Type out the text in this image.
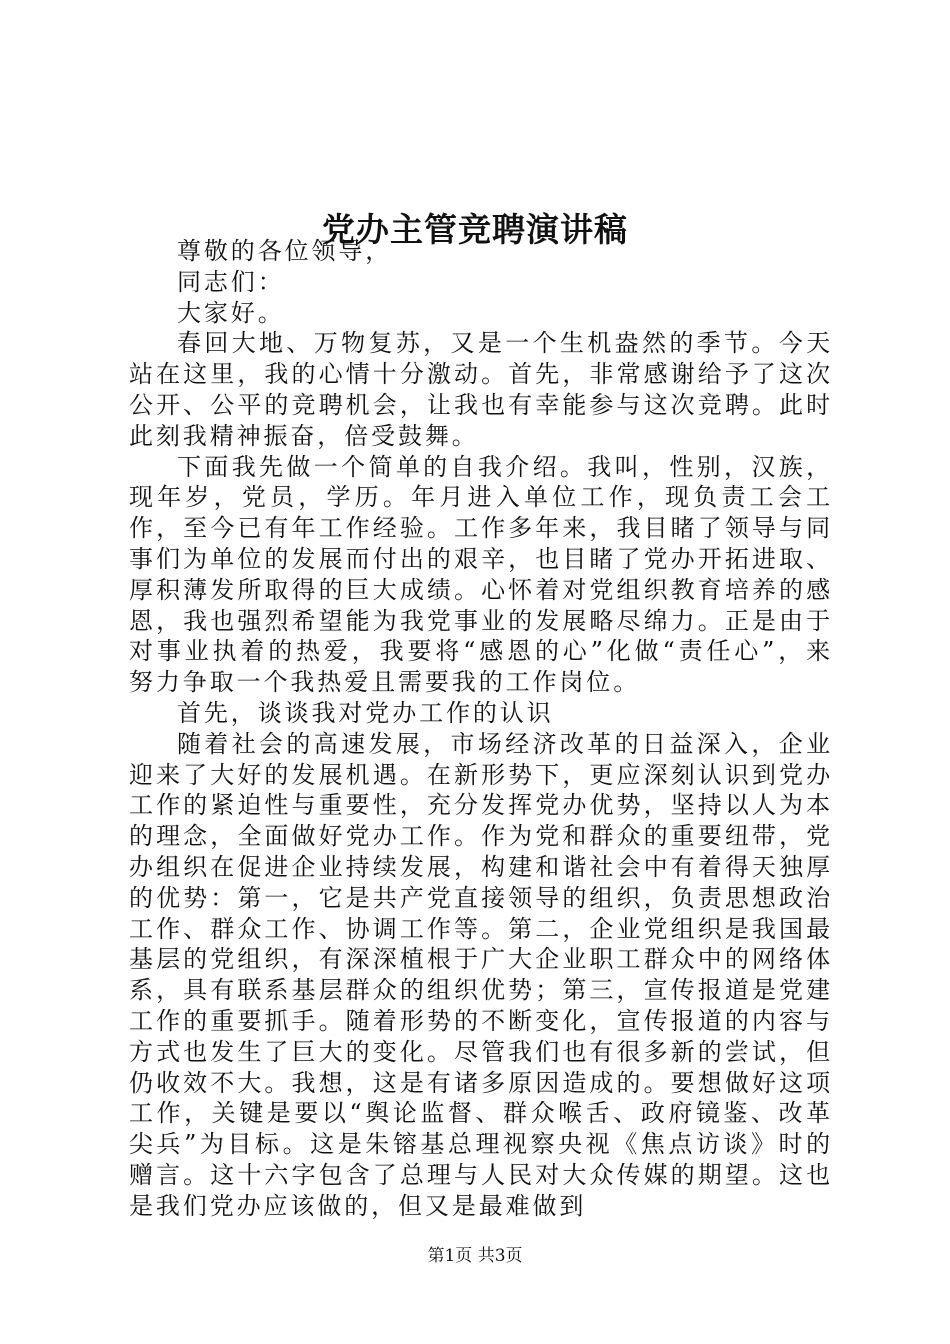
党办主管竞聘演讲稿

尊敬的各位领导，

同志们：

大家好。

春回大地、万物复苏，又是一个生机盎然的季节。今天站在这里，我的心情十分激动。首先，非常感谢给予了这次公开、公平的竞聘机会，让我也有幸能参与这次竞聘。此时此刻我精神振奋，倍受鼓舞。

下面我先做一个简单的自我介绍。我叫，性别，汉族，现年岁，党员，学历。年月进入单位工作，现负责工会工作，至今已有年工作经验。工作多年来，我目睹了领导与同事们为单位的发展而付出的艰辛，也目睹了党办开拓进取、厚积薄发所取得的巨大成绩。心怀着对党组织教育培养的感恩，我也强烈希望能为我党事业的发展略尽绵力。正是由于对事业执着的热爱，我要将“感恩的心”化做“责任心”，来努力争取一个我热爱且需要我的工作岗位。

首先，谈谈我对党办工作的认识

随着社会的高速发展，市场经济改革的日益深入，企业迎来了大好的发展机遇。在新形势下，更应深刻认识到党办工作的紧迫性与重要性，充分发挥党办优势，坚持以人为本的理念，全面做好党办工作。作为党和群众的重要纽带，党办组织在促进企业持续发展，构建和谐社会中有着得天独厚的优势：第一，它是共产党直接领导的组织，负责思想政治工作、群众工作、协调工作等。第二，企业党组织是我国最基层的党组织，有深深植根于广大企业职工群众中的网络体系，具有联系基层群众的组织优势；第三，宣传报道是党建工作的重要抓手。随着形势的不断变化，宣传报道的内容与方式也发生了巨大的变化。尽管我们也有很多新的尝试，但仍收效不大。我想，这是有诸多原因造成的。要想做好这项工作，关键是要以“舆论监督、群众喉舌、政府镜鉴、改革尖兵”为目标。这是朱镕基总理视察央视《焦点访谈》时的赠言。这十六字包含了总理与人民对大众传媒的期望。这也是我们党办应该做的，但又是最难做到

第1页 共3页
